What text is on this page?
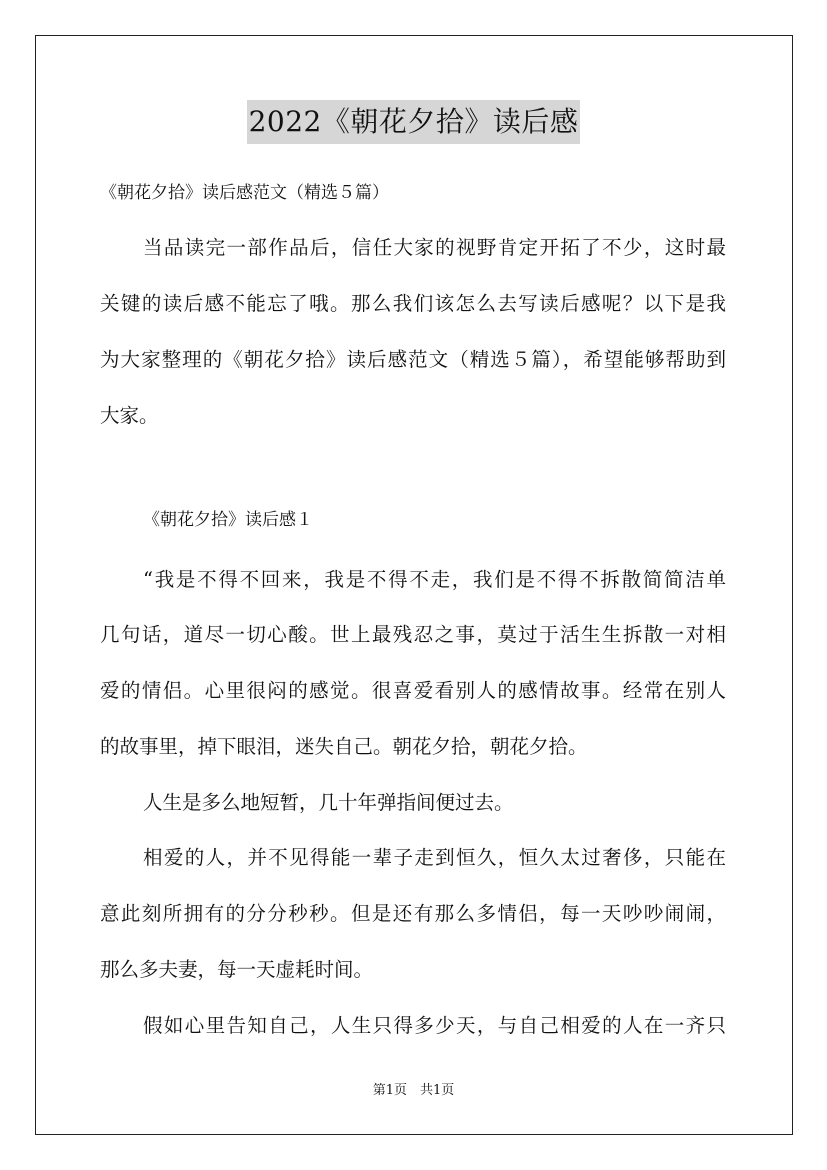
2022《朝花夕拾》读后感
《朝花夕拾》读后感范文（精选５篇）
当品读完一部作品后，信任大家的视野肯定开拓了不少，这时最
关键的读后感不能忘了哦。那么我们该怎么去写读后感呢？以下是我
为大家整理的《朝花夕拾》读后感范文（精选５篇），希望能够帮助到
大家。
《朝花夕拾》读后感１
“我是不得不回来，我是不得不走，我们是不得不拆散简简洁单
几句话，道尽一切心酸。世上最残忍之事，莫过于活生生拆散一对相
爱的情侣。心里很闷的感觉。很喜爱看别人的感情故事。经常在别人
的故事里，掉下眼泪，迷失自己。朝花夕拾，朝花夕拾。
人生是多么地短暂，几十年弹指间便过去。
相爱的人，并不见得能一辈子走到恒久，恒久太过奢侈，只能在
意此刻所拥有的分分秒秒。但是还有那么多情侣，每一天吵吵闹闹，
那么多夫妻，每一天虚耗时间。
假如心里告知自己，人生只得多少天，与自己相爱的人在一齐只
第1页　共1页
